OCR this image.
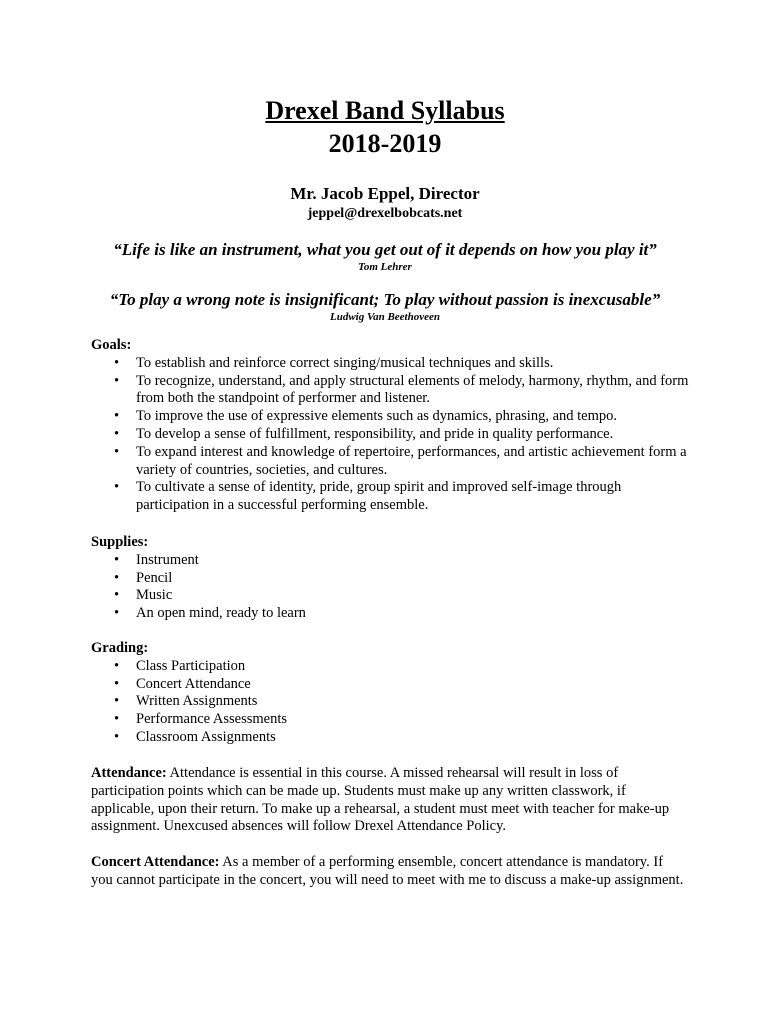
Drexel Band Syllabus
2018-2019
Mr. Jacob Eppel, Director
jeppel@drexelbobcats.net
“Life is like an instrument, what you get out of it depends on how you play it”
Tom Lehrer
“To play a wrong note is insignificant; To play without passion is inexcusable”
Ludwig Van Beethoveen
Goals:
• To establish and reinforce correct singing/musical techniques and skills.
• To recognize, understand, and apply structural elements of melody, harmony, rhythm, and form from both the standpoint of performer and listener.
• To improve the use of expressive elements such as dynamics, phrasing, and tempo.
• To develop a sense of fulfillment, responsibility, and pride in quality performance.
• To expand interest and knowledge of repertoire, performances, and artistic achievement form a variety of countries, societies, and cultures.
• To cultivate a sense of identity, pride, group spirit and improved self-image through participation in a successful performing ensemble.
Supplies:
• Instrument
• Pencil
• Music
• An open mind, ready to learn
Grading:
• Class Participation
• Concert Attendance
• Written Assignments
• Performance Assessments
• Classroom Assignments
Attendance: Attendance is essential in this course. A missed rehearsal will result in loss of participation points which can be made up. Students must make up any written classwork, if applicable, upon their return. To make up a rehearsal, a student must meet with teacher for make-up assignment. Unexcused absences will follow Drexel Attendance Policy.
Concert Attendance: As a member of a performing ensemble, concert attendance is mandatory. If you cannot participate in the concert, you will need to meet with me to discuss a make-up assignment.
